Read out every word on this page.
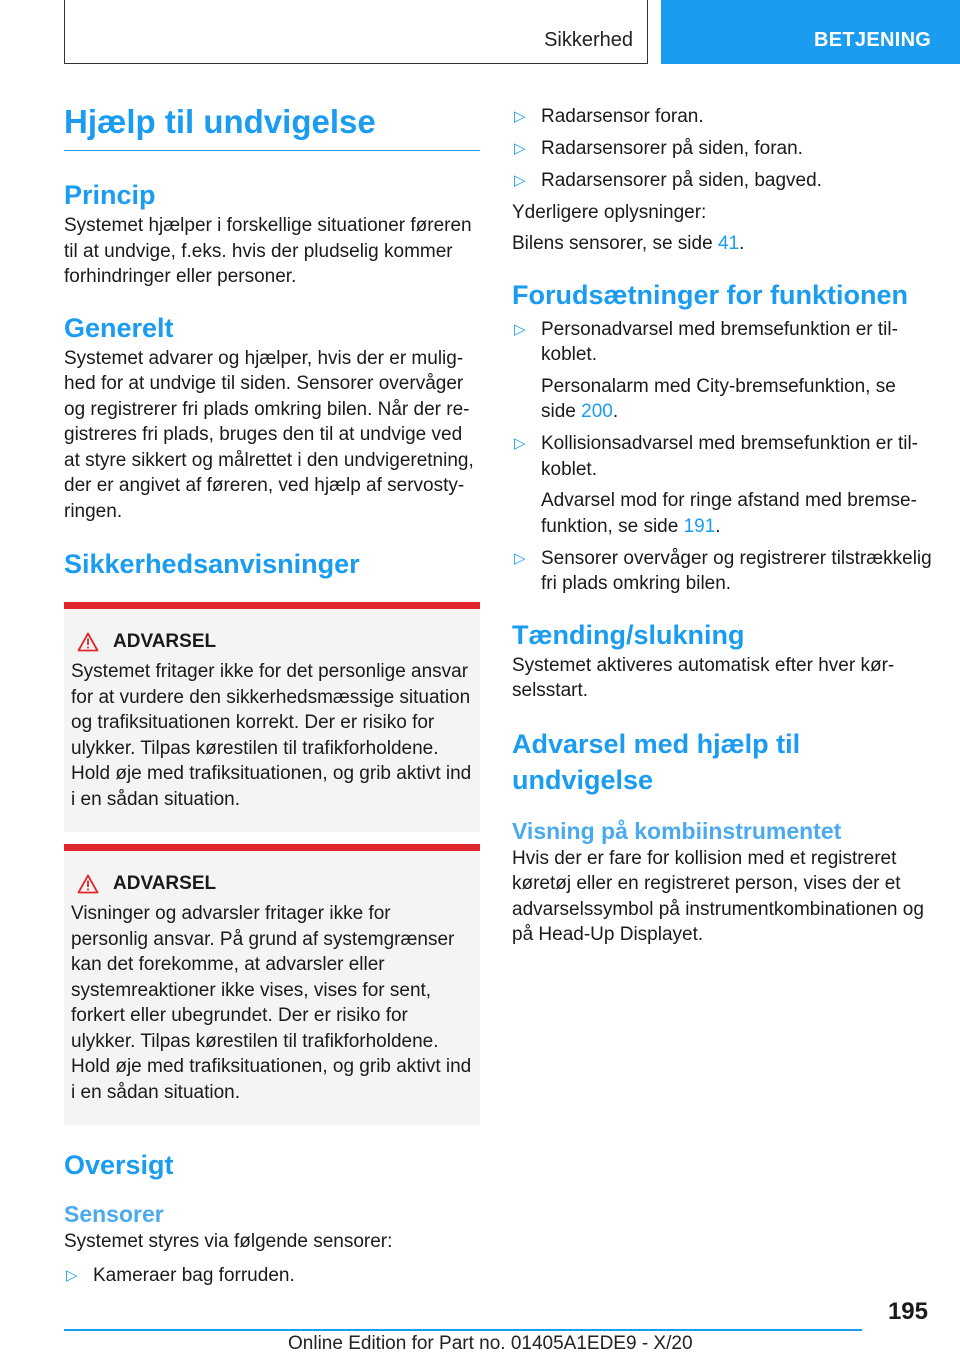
Sikkerhed	BETJENING
Hjælp til undvigelse
Princip

Systemet hjælper i forskellige situationer føreren til at undvige, f.eks. hvis der pludselig kommer forhindringer eller personer.

Generelt

Systemet advarer og hjælper, hvis der er mulighed for at undvige til siden. Sensorer overvåger og registrerer fri plads omkring bilen. Når der registreres fri plads, bruges den til at undvige ved at styre sikkert og målrettet i den undvigeretning, der er angivet af føreren, ved hjælp af servostyringen.

Sikkerhedsanvisninger
ADVARSEL

Systemet fritager ikke for det personlige ansvar for at vurdere den sikkerhedsmæssige situation og trafiksituationen korrekt. Der er risiko for ulykker. Tilpas kørestilen til trafikforholdene. Hold øje med trafiksituationen, og grib aktivt ind i en sådan situation.

ADVARSEL

Visninger og advarsler fritager ikke for personlig ansvar. På grund af systemgrænser kan det forekomme, at advarsler eller systemreaktioner ikke vises, vises for sent, forkert eller ubegrundet. Der er risiko for ulykker. Tilpas kørestilen til trafikforholdene. Hold øje med trafiksituationen, og grib aktivt ind i en sådan situation.

Oversigt
Sensorer

Systemet styres via følgende sensorer:

▷ Kameraer bag forruden.
▷ Radarsensor foran.
▷ Radarsensorer på siden, foran.
▷ Radarsensorer på siden, bagved.

Yderligere oplysninger:

Bilens sensorer, se side 41.

Forudsætninger for funktionen
▷ Personadvarsel med bremsefunktion er tilkoblet.
Personalarm med City-bremsefunktion, se side 200.
▷ Kollisionsadvarsel med bremsefunktion er tilkoblet.
Advarsel mod for ringe afstand med bremsefunktion, se side 191.
▷ Sensorer overvåger og registrerer tilstrækkelig fri plads omkring bilen.
Tænding/slukning

Systemet aktiveres automatisk efter hver kørselsstart.

Advarsel med hjælp til undvigelse
Visning på kombiinstrumentet

Hvis der er fare for kollision med et registreret køretøj eller en registreret person, vises der et advarselssymbol på instrumentkombinationen og på Head-Up Displayet.

195
Online Edition for Part no. 01405A1EDE9 - X/20
